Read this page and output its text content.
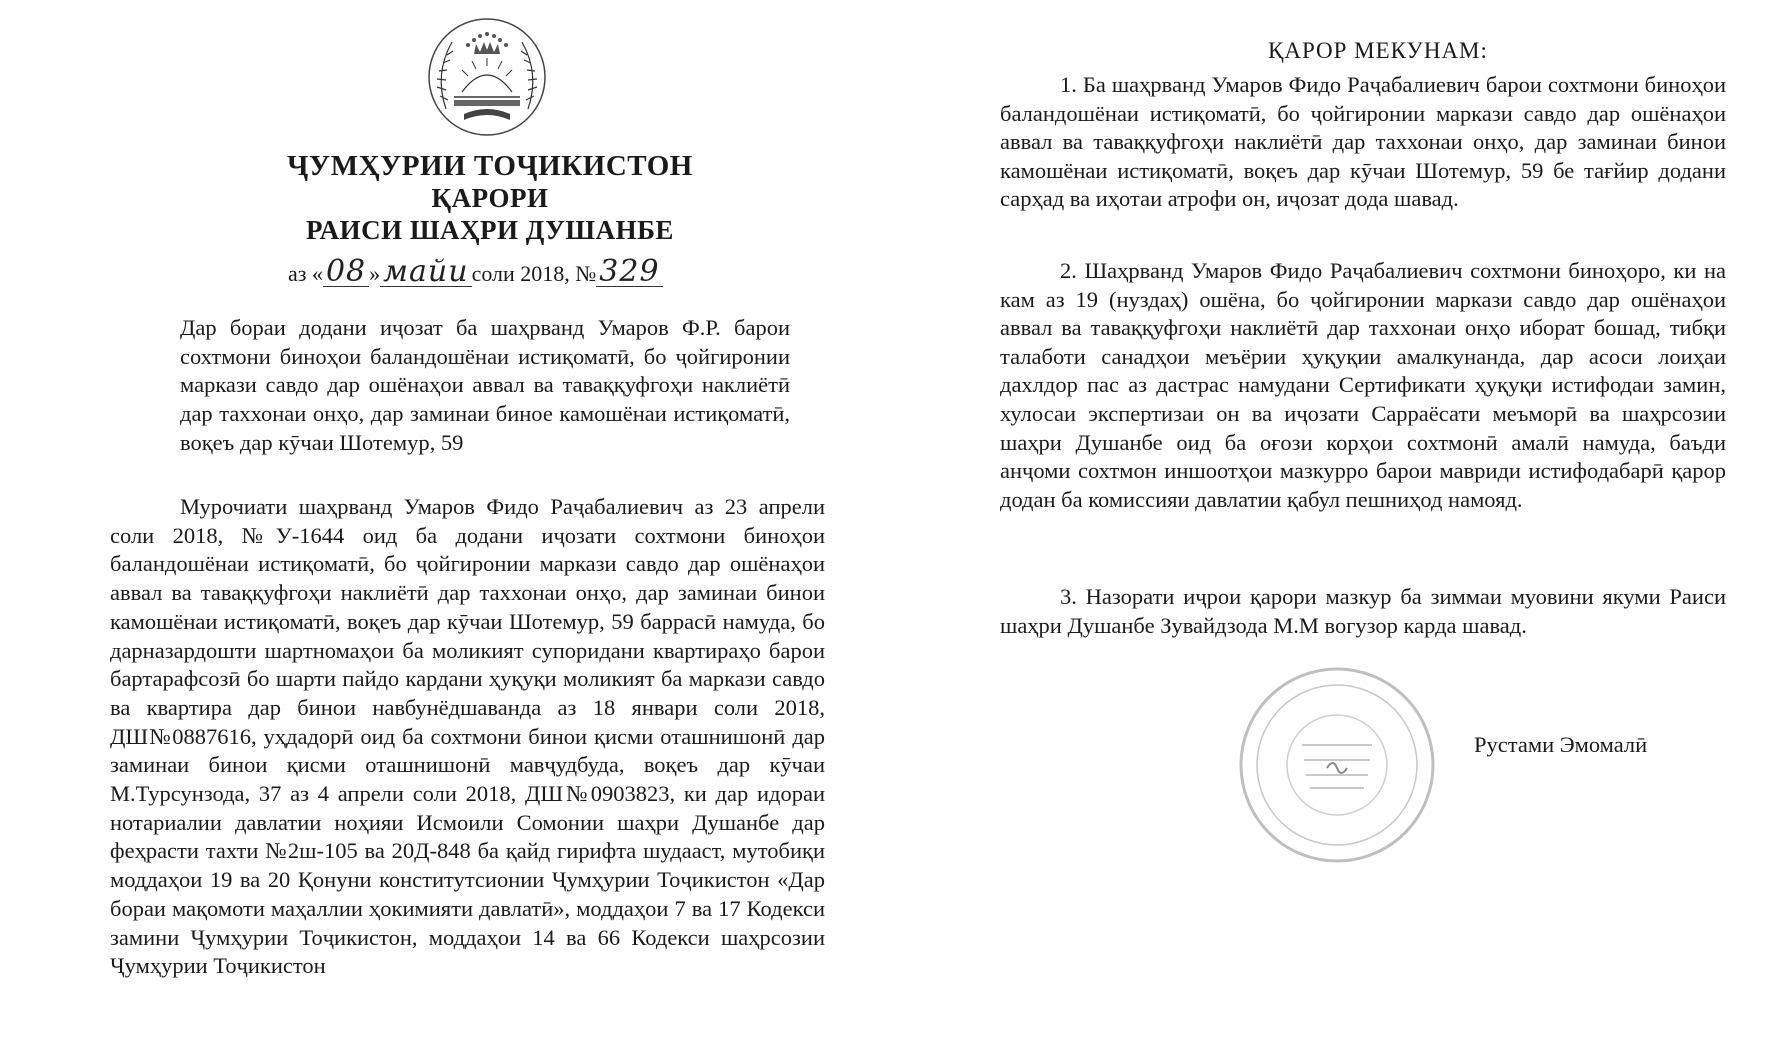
ҶУМҲУРИИ ТОҶИКИСТОН
ҚАРОРИ
РАИСИ ШАҲРИ ДУШАНБЕ
аз « 08 » майи соли 2018, № 329

Дар бораи додани иҷозат ба шаҳрванд Умаров Ф.Р. барои сохтмони биноҳои баландошёнаи истиқоматӣ, бо ҷойгиронии маркази савдо дар ошёнаҳои аввал ва таваққуфгоҳи наклиётӣ дар таххонаи онҳо, дар заминаи биное камошёнаи истиқоматӣ, воқеъ дар кӯчаи Шотемур, 59

Мурочиати шаҳрванд Умаров Фидо Раҷабалиевич аз 23 апрели соли 2018, №У-1644 оид ба додани иҷозати сохтмони биноҳои баландошёнаи истиқоматӣ, бо ҷойгиронии маркази савдо дар ошёнаҳои аввал ва таваққуфгоҳи наклиётӣ дар таххонаи онҳо, дар заминаи бинои камошёнаи истиқоматӣ, воқеъ дар кӯчаи Шотемур, 59 баррасӣ намуда, бо дарназардошти шартномаҳои ба моликият супоридани квартираҳо барои бартарафсозӣ бо шарти пайдо кардани ҳуқуқи моликият ба маркази савдо ва квартира дар бинои навбунёдшаванда аз 18 январи соли 2018, ДШ№0887616, уҳдадорӣ оид ба сохтмони бинои қисми оташнишонӣ дар заминаи бинои қисми оташнишонӣ мавҷудбуда, воқеъ дар кӯчаи М.Турсунзода, 37 аз 4 апрели соли 2018, ДШ№0903823, ки дар идораи нотариалии давлатии ноҳияи Исмоили Сомонии шаҳри Душанбе дар феҳрасти тахти №2ш-105 ва 20Д-848 ба қайд гирифта шудааст, мутобиқи моддаҳои 19 ва 20 Қонуни конститутсионии Ҷумҳурии Тоҷикистон «Дар бораи мақомоти маҳаллии ҳокимияти давлатӣ», моддаҳои 7 ва 17 Кодекси замини Ҷумҳурии Тоҷикистон, моддаҳои 14 ва 66 Кодекси шаҳрсозии Ҷумҳурии Тоҷикистон

ҚАРОР МЕКУНАМ:

1. Ба шаҳрванд Умаров Фидо Раҷабалиевич барои сохтмони биноҳои баландошёнаи истиқоматӣ, бо ҷойгиронии маркази савдо дар ошёнаҳои аввал ва таваққуфгоҳи наклиётӣ дар таххонаи онҳо, дар заминаи бинои камошёнаи истиқоматӣ, воқеъ дар кӯчаи Шотемур, 59 бе тағйир додани сарҳад ва иҳотаи атрофи он, иҷозат дода шавад.

2. Шаҳрванд Умаров Фидо Раҷабалиевич сохтмони биноҳоро, ки на кам аз 19 (нуздаҳ) ошёна, бо ҷойгиронии маркази савдо дар ошёнаҳои аввал ва таваққуфгоҳи наклиётӣ дар таххонаи онҳо иборат бошад, тибқи талаботи санадҳои меъёрии ҳуқуқии амалкунанда, дар асоси лоиҳаи дахлдор пас аз дастрас намудани Сертификати ҳуқуқи истифодаи замин, хулосаи экспертизаи он ва иҷозати Сарраёсати меъморӣ ва шаҳрсозии шаҳри Душанбе оид ба оғози корҳои сохтмонӣ амалӣ намуда, баъди анҷоми сохтмон иншоотҳои мазкурро барои мавриди истифодабарӣ қарор додан ба комиссияи давлатии қабул пешниҳод намояд.

3. Назорати иҷрои қарори мазкур ба зиммаи муовини якуми Раиси шаҳри Душанбе Зувайдзода М.М вогузор карда шавад.

Рустами Эмомалӣ
